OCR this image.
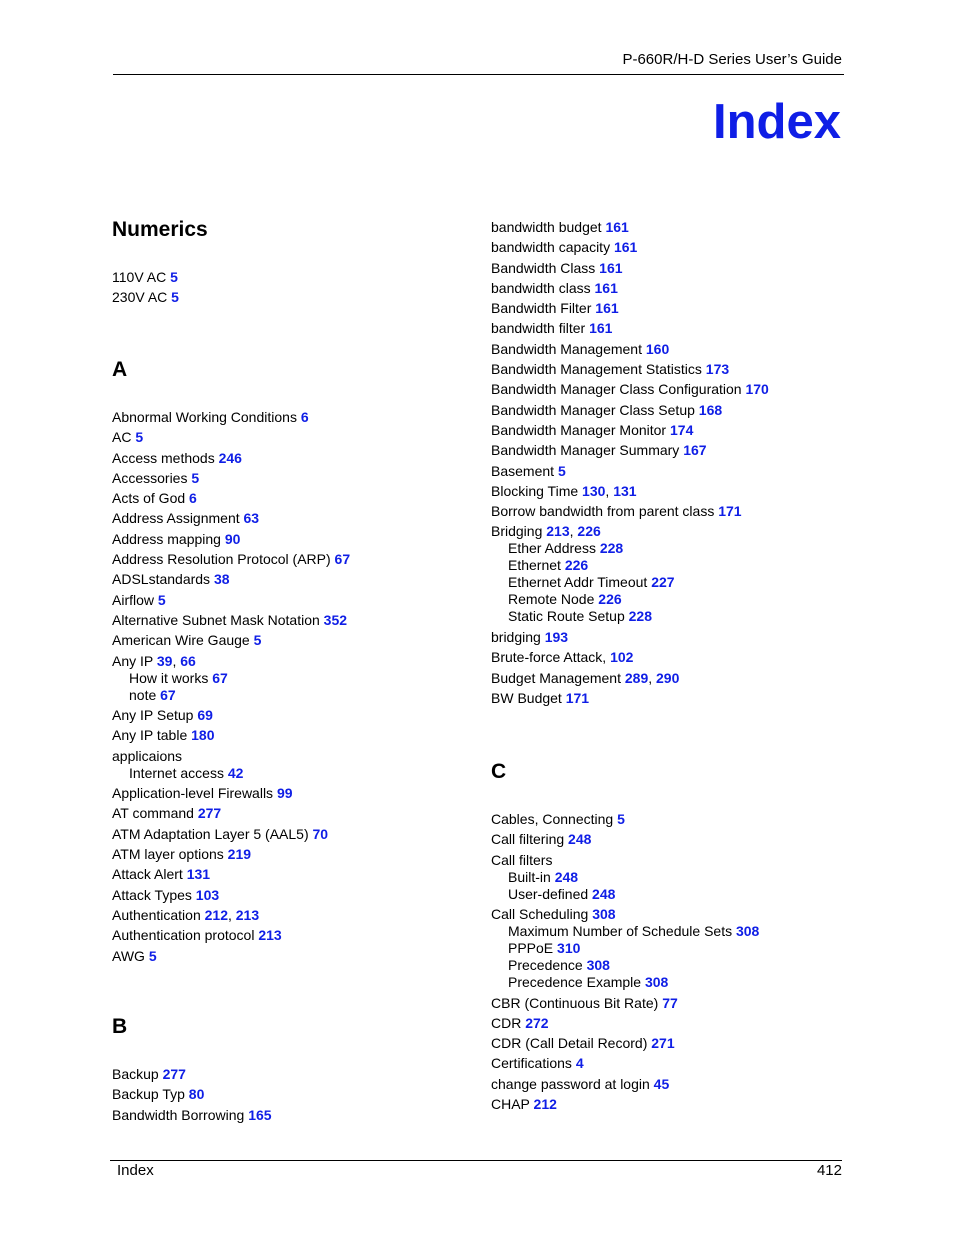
P-660R/H-D Series User’s Guide
Index
Numerics
110V AC 5
230V AC 5
A
Abnormal Working Conditions 6
AC 5
Access methods 246
Accessories 5
Acts of God 6
Address Assignment 63
Address mapping 90
Address Resolution Protocol (ARP) 67
ADSLstandards 38
Airflow 5
Alternative Subnet Mask Notation 352
American Wire Gauge 5
Any IP 39, 66
How it works 67
note 67
Any IP Setup 69
Any IP table 180
applicaions
Internet access 42
Application-level Firewalls 99
AT command 277
ATM Adaptation Layer 5 (AAL5) 70
ATM layer options 219
Attack Alert 131
Attack Types 103
Authentication 212, 213
Authentication protocol 213
AWG 5
B
Backup 277
Backup Typ 80
Bandwidth Borrowing 165
bandwidth budget 161
bandwidth capacity 161
Bandwidth Class 161
bandwidth class 161
Bandwidth Filter 161
bandwidth filter 161
Bandwidth Management 160
Bandwidth Management Statistics 173
Bandwidth Manager Class Configuration 170
Bandwidth Manager Class Setup 168
Bandwidth Manager Monitor 174
Bandwidth Manager Summary 167
Basement 5
Blocking Time 130, 131
Borrow bandwidth from parent class 171
Bridging 213, 226
Ether Address 228
Ethernet 226
Ethernet Addr Timeout 227
Remote Node 226
Static Route Setup 228
bridging 193
Brute-force Attack, 102
Budget Management 289, 290
BW Budget 171
C
Cables, Connecting 5
Call filtering 248
Call filters
Built-in 248
User-defined 248
Call Scheduling 308
Maximum Number of Schedule Sets 308
PPPoE 310
Precedence 308
Precedence Example 308
CBR (Continuous Bit Rate) 77
CDR 272
CDR (Call Detail Record) 271
Certifications 4
change password at login 45
CHAP 212
Index	412
